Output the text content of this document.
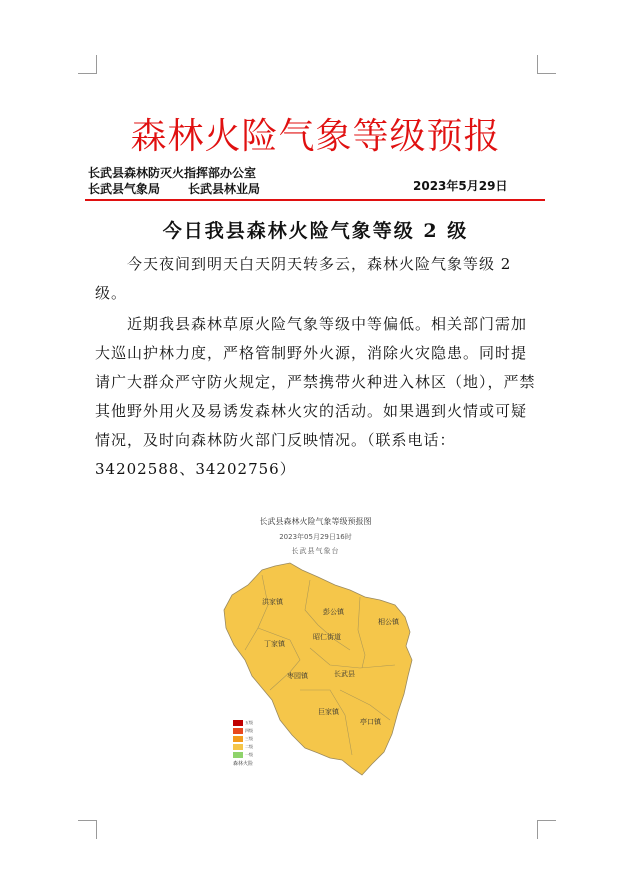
森林火险气象等级预报
长武县森林防灭火指挥部办公室
长武县气象局 长武县林业局	2023年5月29日
今日我县森林火险气象等级 2 级

今天夜间到明天白天阴天转多云，森林火险气象等级 2 级。

近期我县森林草原火险气象等级中等偏低。相关部门需加大巡山护林力度，严格管制野外火源，消除火灾隐患。同时提请广大群众严守防火规定，严禁携带火种进入林区（地），严禁其他野外用火及易诱发森林火灾的活动。如果遇到火情或可疑情况，及时向森林防火部门反映情况。（联系电话：34202588、34202756）

长武县森林火险气象等级预报图
2023年05月29日16时
长武县气象台
洪家镇
彭公镇
相公镇
丁家镇
昭仁街道
枣园镇	长武县
巨家镇
亭口镇
五级
四级
三级
二级
一级
森林火险
